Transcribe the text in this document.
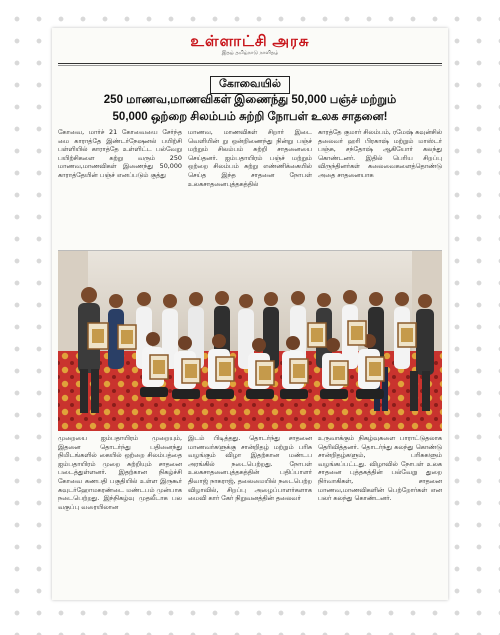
உள்ளாட்சி அரசு
இதழ் தமிழ்நாடு நாளிதழ்
கோவையில்
250 மாணவ,மாணவிகள் இணைந்து 50,000 பஞ்ச் மற்றும்
50,000 ஒற்றை சிலம்பம் சுற்றி நோபள் உலக சாதனை!
கோவை, மார்ச் 21 கோவையை சேர்ந்த மை காராத்தே இண்டர்நேஷனல் பயிற்சி பள்ளியில் காராத்தே உள்ளிட்ட பல்வேறு பயிற்சிகளை கற்று வரும் 250 மாணவ,மாணவிகள் இணைந்து 50,000 காராத்தேயின் பஞ்ச் எனப்படும் குத்து
மாணவ, மாணவிகள் சிறார் இடை வெளியின் று ஒன்றிணைந்து நின்று பஞ்ச் மற்றும் சிலம்பம் சுற்றி சாதனையை செய்தனர். ஐம்பதாயிரம் பஞ்ச் மற்றும் ஒற்றை சிலம்பம் சுற்று எண்ணிக்கையில் செய்த இந்த சாதனை நோபள் உலகசாதனைபுத்தகத்தில்
காரத்தே குமார் சிலம்பம், ரமேஷ் கவுன்சில் தலைவர் ஹரி பிரகாஷ் மற்றும் மாஸ்டர் பஞ்சு, சந்தோஷ் ஆகியோர் கலந்து கொண்டனர். இதில் பெரிய சிறப்பு விருந்தினர்கள் கலைவைகளைத்தொண்டு அதை சாதனையாக
முறையை ஐம்பதாயிரம் முறையும், இதனை தொடர்ந்து பதினைந்து நிமிடங்களில் கையில் ஒற்றை சிலம்பத்தை ஐம்பதாயிரம் முறை சுற்றியும் சாதனை படைத்துள்ளனர். இதற்கான நிகழ்ச்சி கோவை கணபதி பகுதியில் உள்ள இருகூர் கவுடர்ஹோமகரண்டை மண்டபம் முன்பாக நடைபெற்றது. இந்நிகழ்வு முதலீடாக பல வகுப்பு வரையிலான
இடம் பிடித்தது. தொடர்ந்து சாதனை மாணவர்களுக்கு சான்றிதழ் மற்றும் பரிசு வழங்கும் விழா இதற்கான மண்டப அரங்கில் நடைபெற்றது. நோபள் உலகசாதனைபுத்தகத்தின் பதிப்பாளர் திவாஜ் நாகராஜ், தலைமையில் நடைபெற்ற விழாவில், சிறப்பு அழைப்பாளர்களாக மைவி கார் கேர் நிறுவனத்தின் தலைவர்
உருவாக்கும் நிகழ்வுகளை பாராட்டுதலாக தெரிவித்தனர். தொடர்ந்து கலந்து கொண்டு சான்றிதழ்களும், பரிசுகளும் வழங்கப்பட்டது. விழாவில் நோபள் உலக சாதனை புத்தகத்தின் பல்வேறு துறை நிர்வாகிகள், சாதனை மாணவ,மாணவிகளின் பெற்றோர்கள் என பலர் கலந்து கொண்டனர்.
